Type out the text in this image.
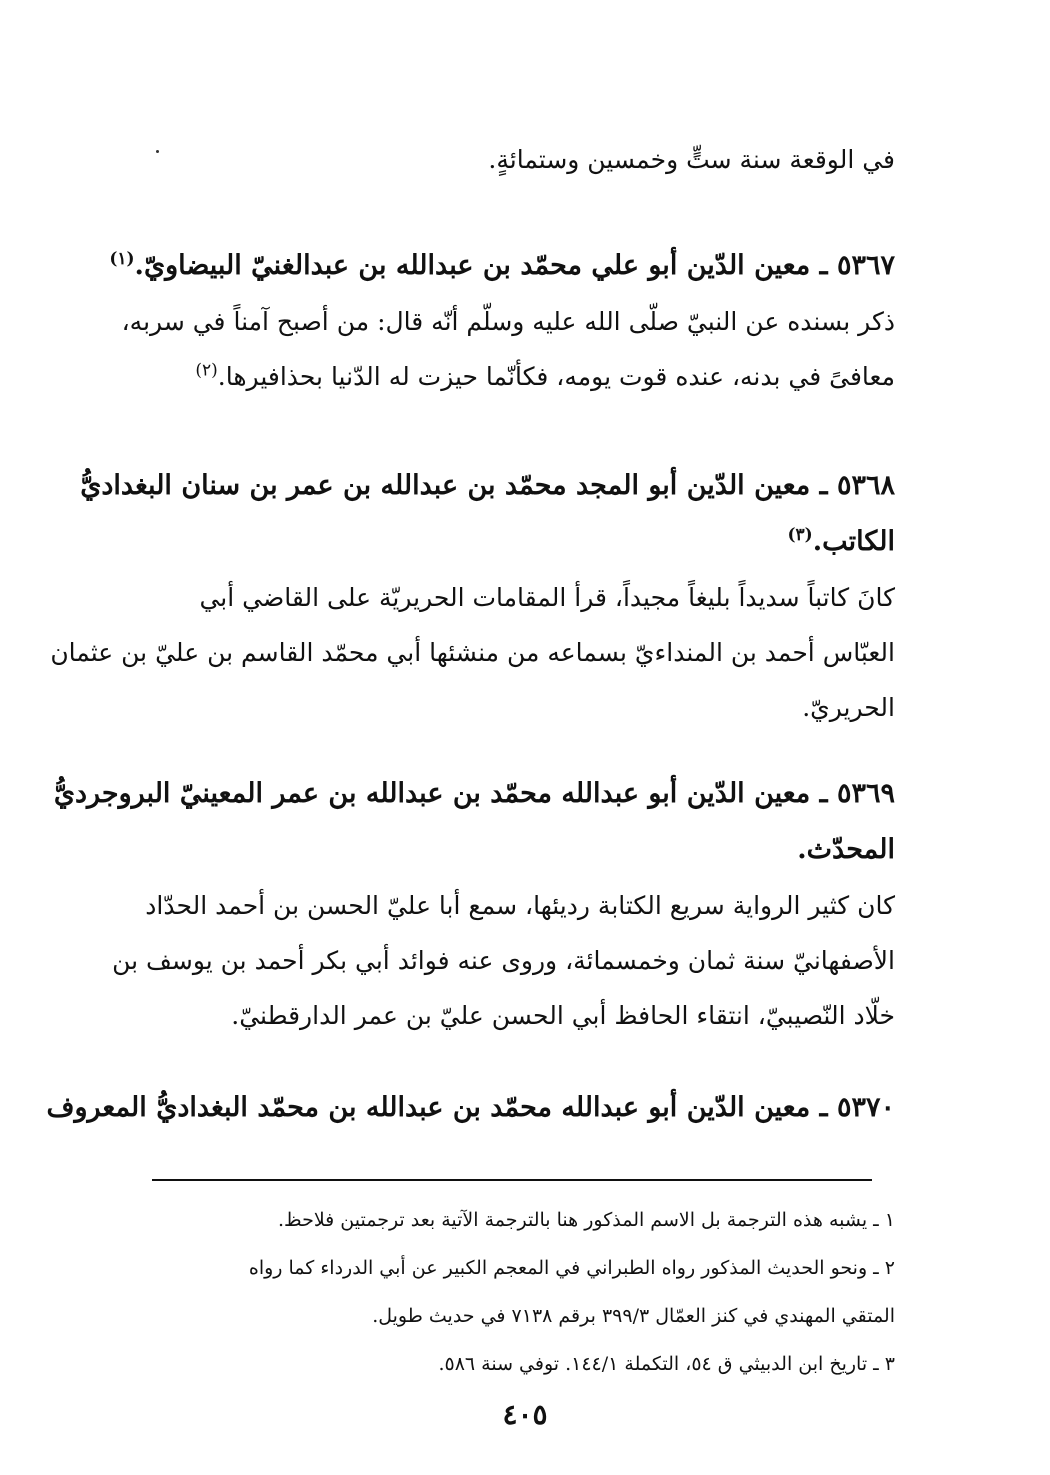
في الوقعة سنة ستٍّ وخمسين وستمائةٍ.
٥٣٦٧ ـ معين الدّين أبو علي محمّد بن عبدالله بن عبدالغنيّ البيضاويّ.$^{(١)}$
ذكر بسنده عن النبيّ صلّى الله عليه وسلّم أنّه قال: من أصبح آمناً في سربه،
معافىً في بدنه، عنده قوت يومه، فكأنّما حيزت له الدّنيا بحذافيرها.$^{(٢)}$
٥٣٦٨ ـ معين الدّين أبو المجد محمّد بن عبدالله بن عمر بن سنان البغداديُّ
الكاتب.$^{(٣)}$
كانَ كاتباً سديداً بليغاً مجيداً، قرأ المقامات الحريريّة على القاضي أبي
العبّاس أحمد بن المنداءيّ بسماعه من منشئها أبي محمّد القاسم بن عليّ بن عثمان
الحريريّ.
٥٣٦٩ ـ معين الدّين أبو عبدالله محمّد بن عبدالله بن عمر المعينيّ البروجرديُّ
المحدّث.
كان كثير الرواية سريع الكتابة رديئها، سمع أبا عليّ الحسن بن أحمد الحدّاد
الأصفهانيّ سنة ثمان وخمسمائة، وروى عنه فوائد أبي بكر أحمد بن يوسف بن
خلّاد النّصيبيّ، انتقاء الحافظ أبي الحسن عليّ بن عمر الدارقطنيّ.
٥٣٧٠ ـ معين الدّين أبو عبدالله محمّد بن عبدالله بن محمّد البغداديُّ المعروف
١ ـ يشبه هذه الترجمة بل الاسم المذكور هنا بالترجمة الآتية بعد ترجمتين فلاحظ.
٢ ـ ونحو الحديث المذكور رواه الطبراني في المعجم الكبير عن أبي الدرداء كما رواه
المتقي المهندي في كنز العمّال ٣٩٩/٣ برقم ٧١٣٨ في حديث طويل.
٣ ـ تاريخ ابن الدبيثي ق ٥٤، التكملة ١٤٤/١. توفي سنة ٥٨٦.
٤٠٥
